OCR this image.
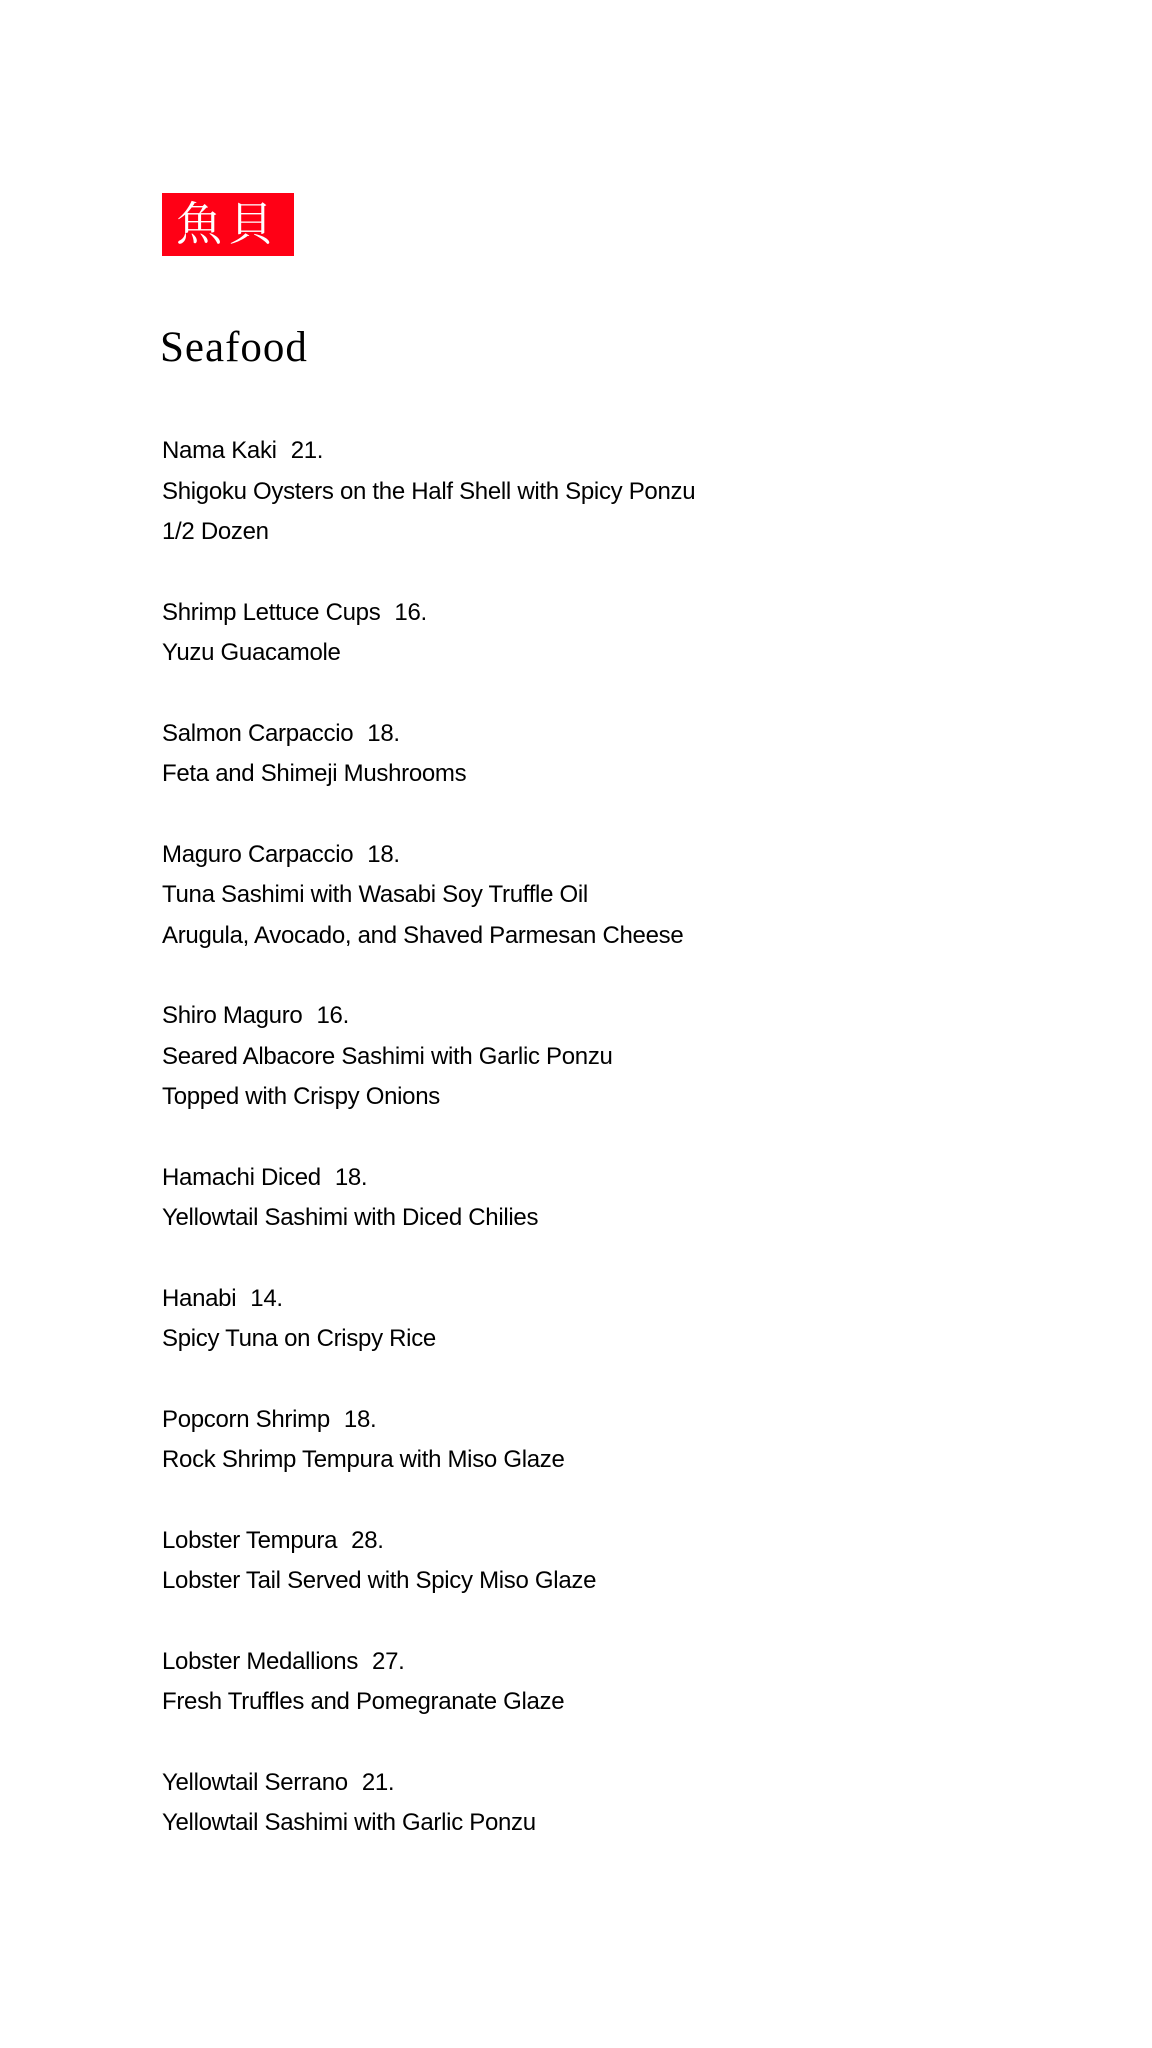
魚貝
Seafood
Nama Kaki 21.
Shigoku Oysters on the Half Shell with Spicy Ponzu
1/2 Dozen
Shrimp Lettuce Cups 16.
Yuzu Guacamole
Salmon Carpaccio 18.
Feta and Shimeji Mushrooms
Maguro Carpaccio 18.
Tuna Sashimi with Wasabi Soy Truffle Oil
Arugula, Avocado, and Shaved Parmesan Cheese
Shiro Maguro 16.
Seared Albacore Sashimi with Garlic Ponzu
Topped with Crispy Onions
Hamachi Diced 18.
Yellowtail Sashimi with Diced Chilies
Hanabi 14.
Spicy Tuna on Crispy Rice
Popcorn Shrimp 18.
Rock Shrimp Tempura with Miso Glaze
Lobster Tempura 28.
Lobster Tail Served with Spicy Miso Glaze
Lobster Medallions 27.
Fresh Truffles and Pomegranate Glaze
Yellowtail Serrano 21.
Yellowtail Sashimi with Garlic Ponzu
